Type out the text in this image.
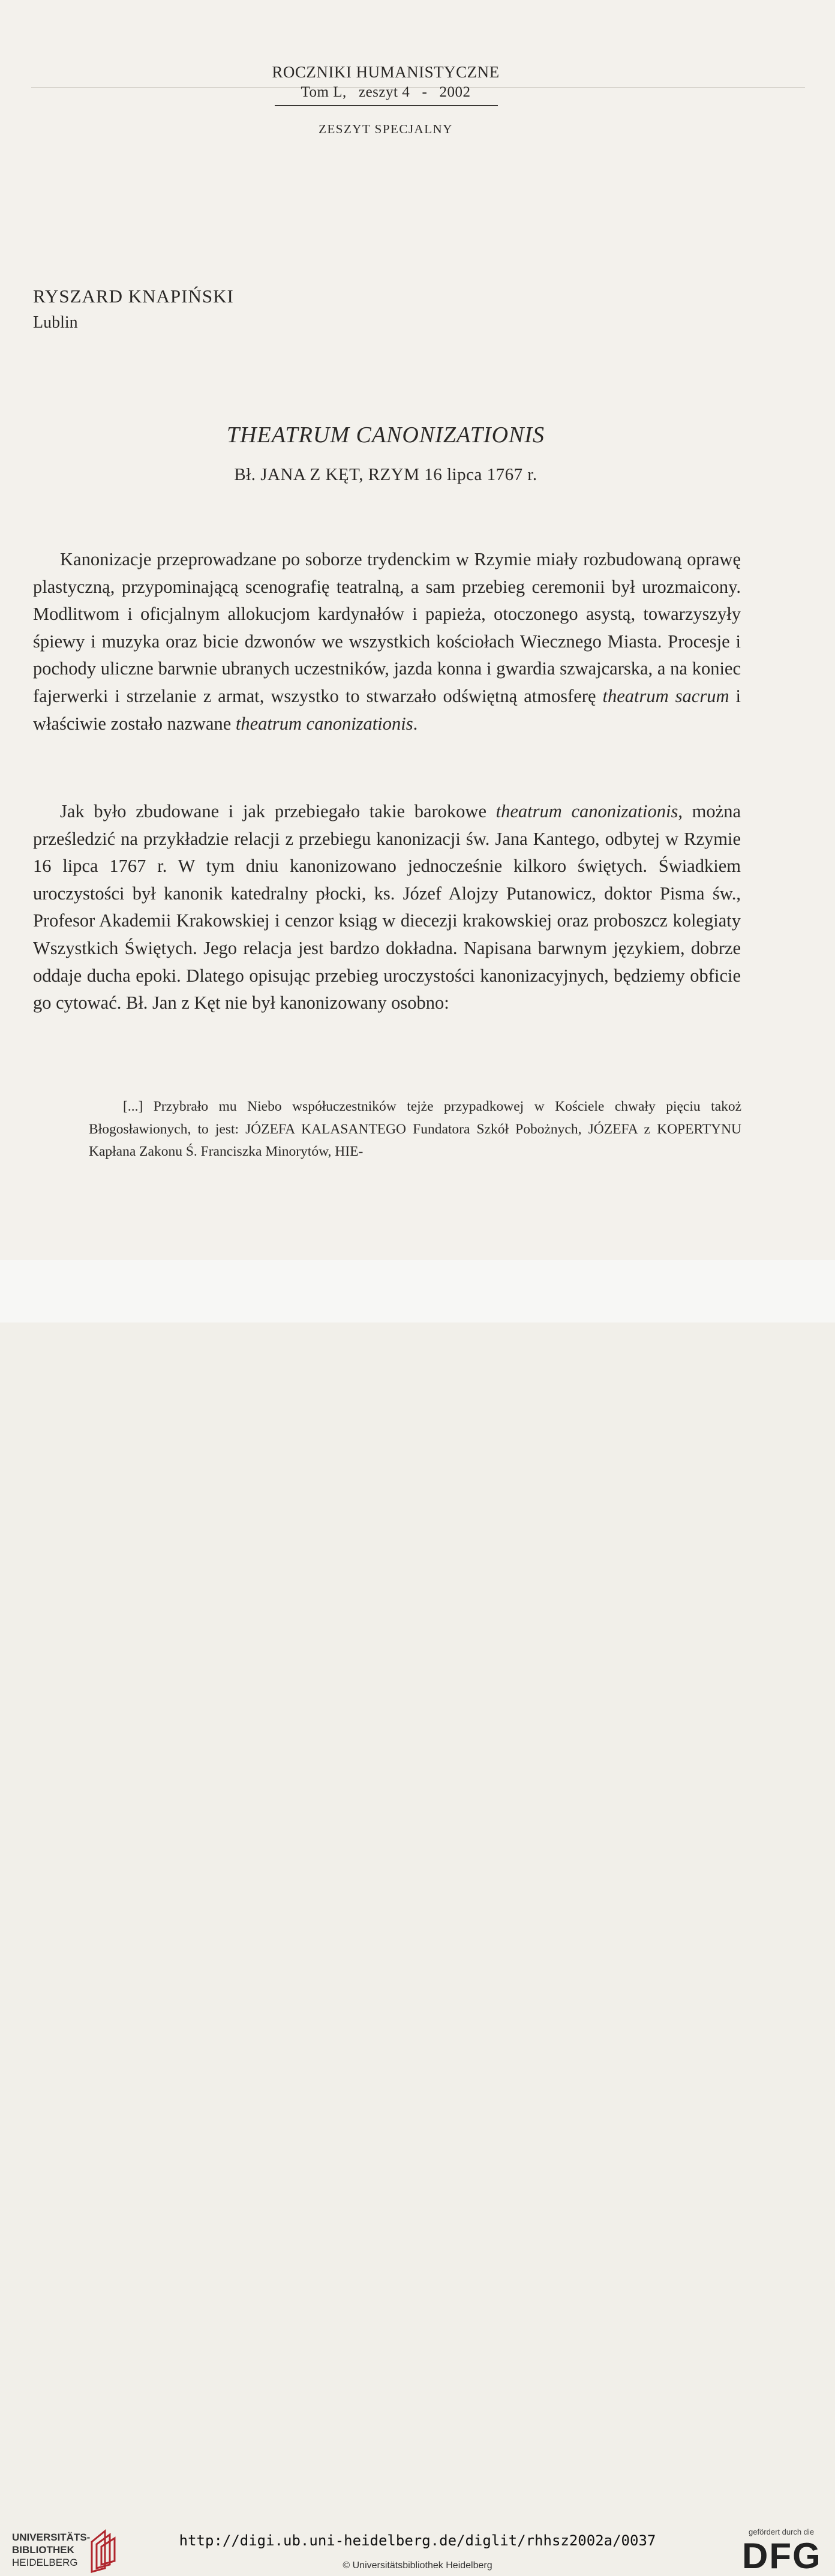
ROCZNIKI HUMANISTYCZNE
Tom L,   zeszyt 4   -   2002
ZESZYT SPECJALNY
RYSZARD KNAPIŃSKI
Lublin
THEATRUM CANONIZATIONIS
Bł. JANA Z KĘT, RZYM 16 lipca 1767 r.

Kanonizacje przeprowadzane po soborze trydenckim w Rzymie miały rozbudowaną oprawę plastyczną, przypominającą scenografię teatralną, a sam przebieg ceremonii był urozmaicony. Modlitwom i oficjalnym allokucjom kardynałów i papieża, otoczonego asystą, towarzyszyły śpiewy i muzyka oraz bicie dzwonów we wszystkich kościołach Wiecznego Miasta. Procesje i pochody uliczne barwnie ubranych uczestników, jazda konna i gwardia szwajcarska, a na koniec fajerwerki i strzelanie z armat, wszystko to stwarzało odświętną atmosferę theatrum sacrum i właściwie zostało nazwane theatrum canonizationis.

Jak było zbudowane i jak przebiegało takie barokowe theatrum canonizationis, można prześledzić na przykładzie relacji z przebiegu kanonizacji św. Jana Kantego, odbytej w Rzymie 16 lipca 1767 r. W tym dniu kanonizowano jednocześnie kilkoro świętych. Świadkiem uroczystości był kanonik katedralny płocki, ks. Józef Alojzy Putanowicz, doktor Pisma św., Profesor Akademii Krakowskiej i cenzor ksiąg w diecezji krakowskiej oraz proboszcz kolegiaty Wszystkich Świętych. Jego relacja jest bardzo dokładna. Napisana barwnym językiem, dobrze oddaje ducha epoki. Dlatego opisując przebieg uroczystości kanonizacyjnych, będziemy obficie go cytować. Bł. Jan z Kęt nie był kanonizowany osobno:

[...] Przybrało mu Niebo współuczestników tejże przypadkowej w Kościele chwały pięciu takoż Błogosławionych, to jest: JÓZEFA KALASANTEGO Fundatora Szkół Pobożnych, JÓZEFA z KOPERTYNU Kapłana Zakonu Ś. Franciszka Minorytów, HIE-

UNIVERSITÄTS-
BIBLIOTHEK
HEIDELBERG
http://digi.ub.uni-heidelberg.de/diglit/rhhsz2002a/0037
© Universitätsbibliothek Heidelberg
gefördert durch die
DFG
